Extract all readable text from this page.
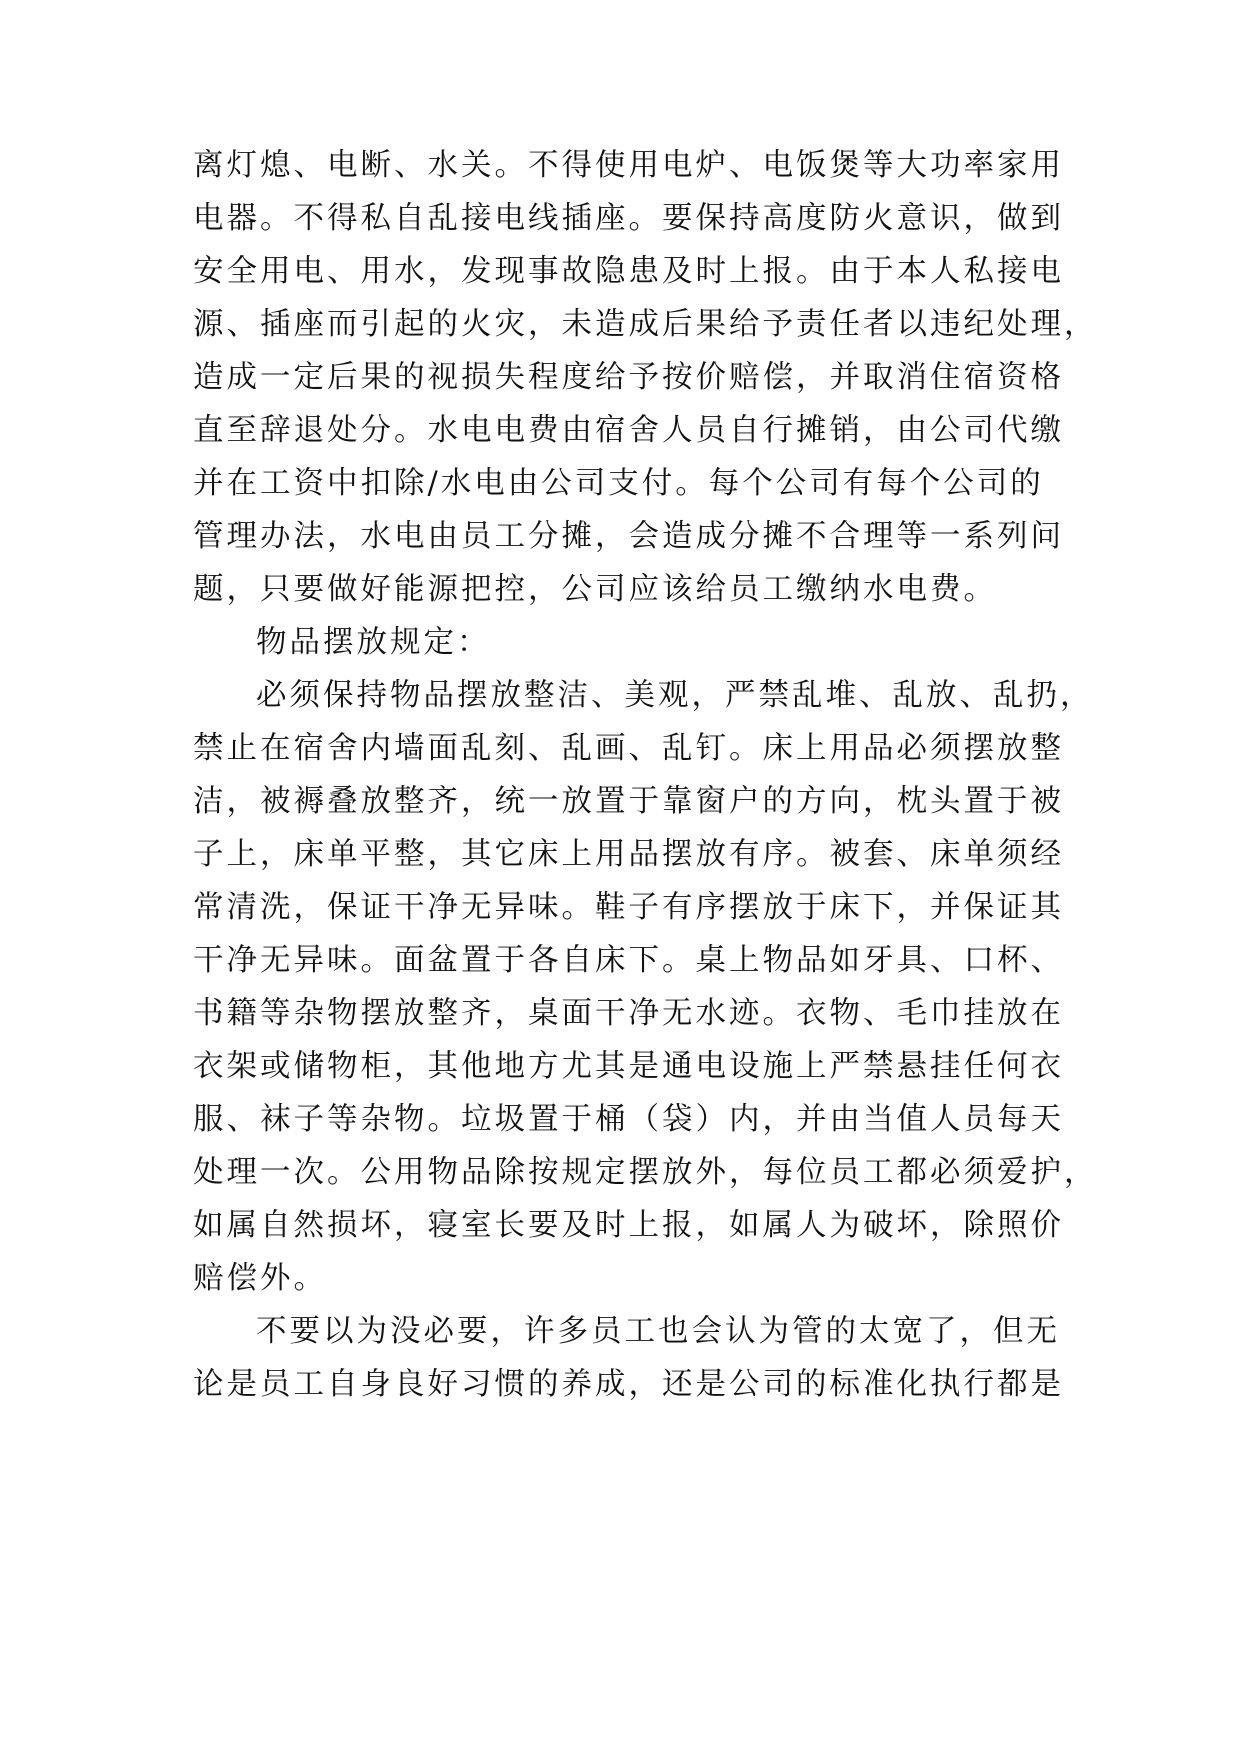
离灯熄、电断、水关。不得使用电炉、电饭煲等大功率家用
电器。不得私自乱接电线插座。要保持高度防火意识，做到
安全用电、用水，发现事故隐患及时上报。由于本人私接电
源、插座而引起的火灾，未造成后果给予责任者以违纪处理，
造成一定后果的视损失程度给予按价赔偿，并取消住宿资格
直至辞退处分。水电电费由宿舍人员自行摊销，由公司代缴
并在工资中扣除/水电由公司支付。每个公司有每个公司的
管理办法，水电由员工分摊，会造成分摊不合理等一系列问
题，只要做好能源把控，公司应该给员工缴纳水电费。
物品摆放规定：
必须保持物品摆放整洁、美观，严禁乱堆、乱放、乱扔，
禁止在宿舍内墙面乱刻、乱画、乱钉。床上用品必须摆放整
洁，被褥叠放整齐，统一放置于靠窗户的方向，枕头置于被
子上，床单平整，其它床上用品摆放有序。被套、床单须经
常清洗，保证干净无异味。鞋子有序摆放于床下，并保证其
干净无异味。面盆置于各自床下。桌上物品如牙具、口杯、
书籍等杂物摆放整齐，桌面干净无水迹。衣物、毛巾挂放在
衣架或储物柜，其他地方尤其是通电设施上严禁悬挂任何衣
服、袜子等杂物。垃圾置于桶（袋）内，并由当值人员每天
处理一次。公用物品除按规定摆放外，每位员工都必须爱护，
如属自然损坏，寝室长要及时上报，如属人为破坏，除照价
赔偿外。
不要以为没必要，许多员工也会认为管的太宽了，但无
论是员工自身良好习惯的养成，还是公司的标准化执行都是
